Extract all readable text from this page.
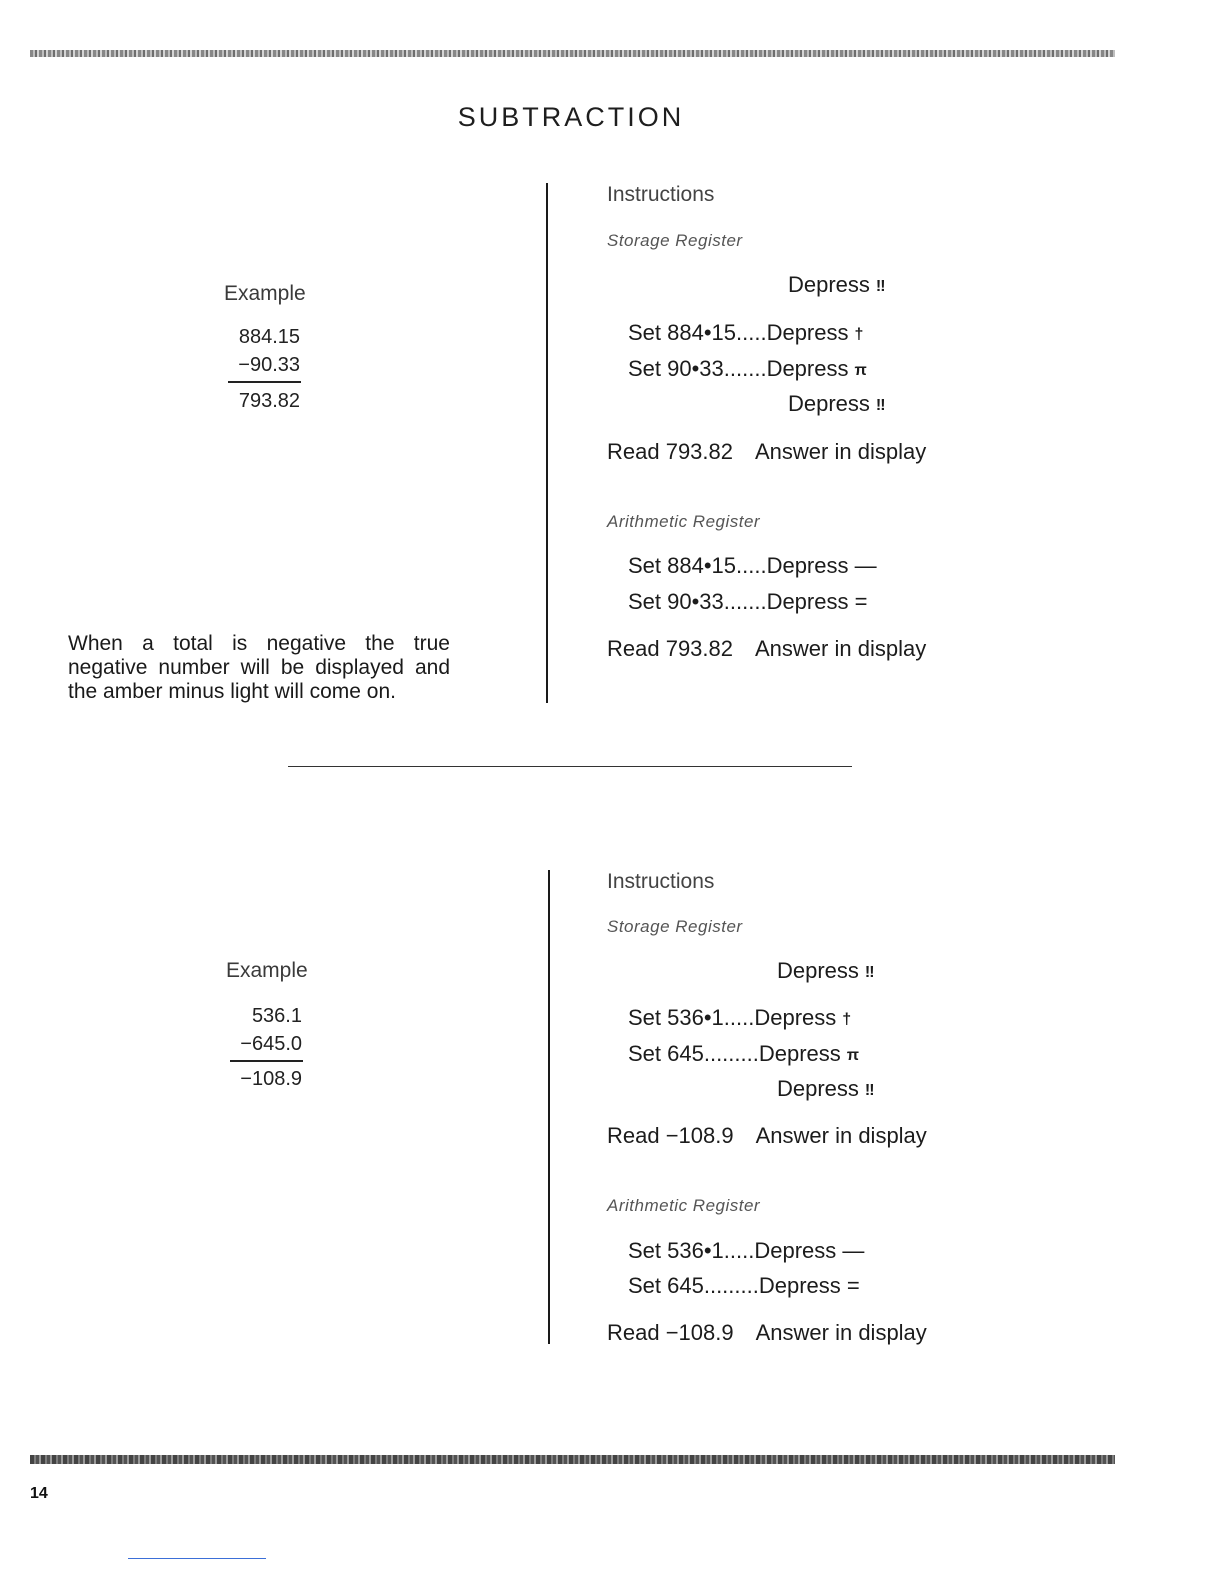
SUBTRACTION
Example
884.15
−90.33
793.82
When a total is negative the true negative number will be displayed and the amber minus light will come on.
Instructions
Storage Register
Depress ‼
Set 884•15.....Depress †
Set 90•33.......Depress π
Depress ‼
Read 793.82 Answer in display
Arithmetic Register
Set 884•15.....Depress —
Set 90•33.......Depress =
Read 793.82 Answer in display
Example
536.1
−645.0
−108.9
Instructions
Storage Register
Depress ‼
Set 536•1.....Depress †
Set 645.........Depress π
Depress ‼
Read −108.9 Answer in display
Arithmetic Register
Set 536•1.....Depress —
Set 645.........Depress =
Read −108.9 Answer in display
14
